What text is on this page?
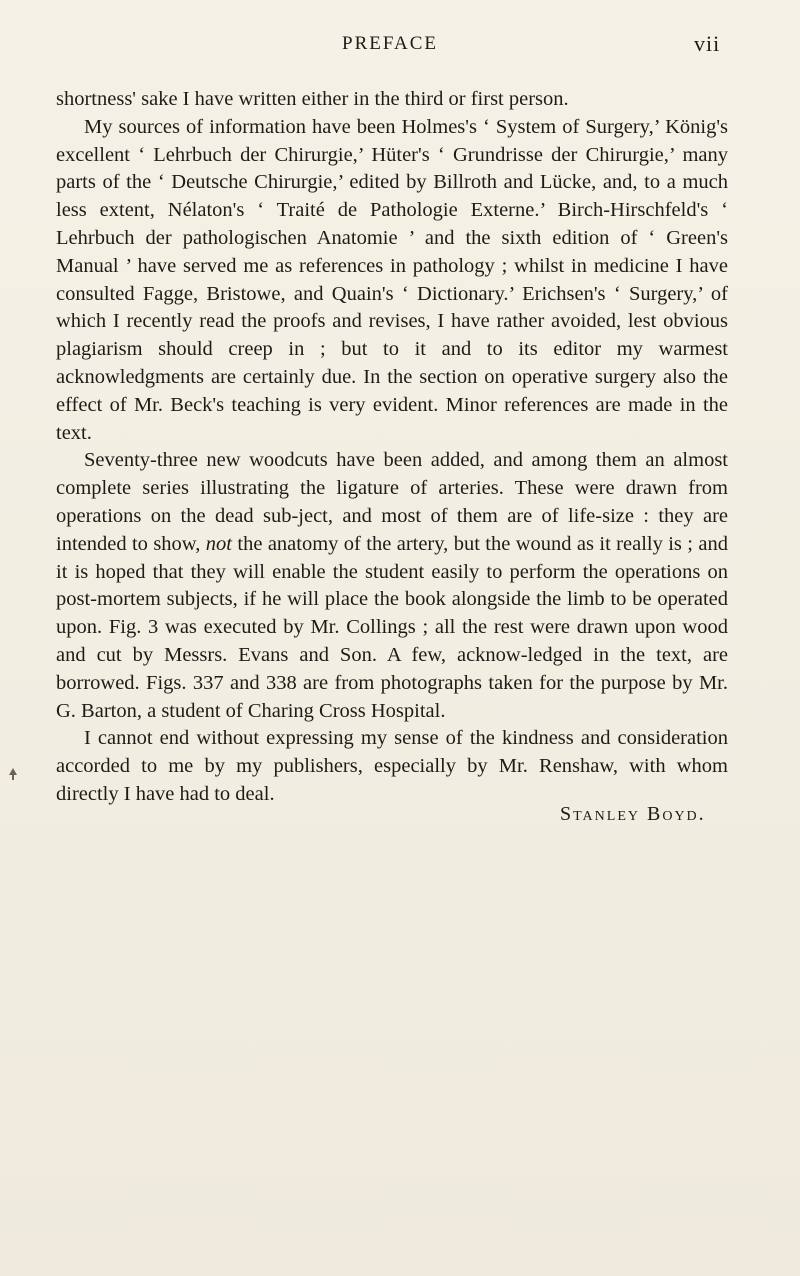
PREFACE	vii

shortness' sake I have written either in the third or first person.

My sources of information have been Holmes's ‘ System of Surgery,’ König's excellent ‘ Lehrbuch der Chirurgie,’ Hüter's ‘ Grundrisse der Chirurgie,’ many parts of the ‘ Deutsche Chirurgie,’ edited by Billroth and Lücke, and, to a much less extent, Nélaton's ‘ Traité de Pathologie Externe.’ Birch-Hirschfeld's ‘ Lehrbuch der pathologischen Anatomie ’ and the sixth edition of ‘ Green's Manual ’ have served me as references in pathology ; whilst in medicine I have consulted Fagge, Bristowe, and Quain's ‘ Dictionary.’ Erichsen's ‘ Surgery,’ of which I recently read the proofs and revises, I have rather avoided, lest obvious plagiarism should creep in ; but to it and to its editor my warmest acknowledgments are certainly due. In the section on operative surgery also the effect of Mr. Beck's teaching is very evident. Minor references are made in the text.

Seventy-three new woodcuts have been added, and among them an almost complete series illustrating the ligature of arteries. These were drawn from operations on the dead sub-ject, and most of them are of life-size : they are intended to show, not the anatomy of the artery, but the wound as it really is ; and it is hoped that they will enable the student easily to perform the operations on post-mortem subjects, if he will place the book alongside the limb to be operated upon. Fig. 3 was executed by Mr. Collings ; all the rest were drawn upon wood and cut by Messrs. Evans and Son. A few, acknow-ledged in the text, are borrowed. Figs. 337 and 338 are from photographs taken for the purpose by Mr. G. Barton, a student of Charing Cross Hospital.

I cannot end without expressing my sense of the kindness and consideration accorded to me by my publishers, especially by Mr. Renshaw, with whom directly I have had to deal.

Stanley Boyd.
